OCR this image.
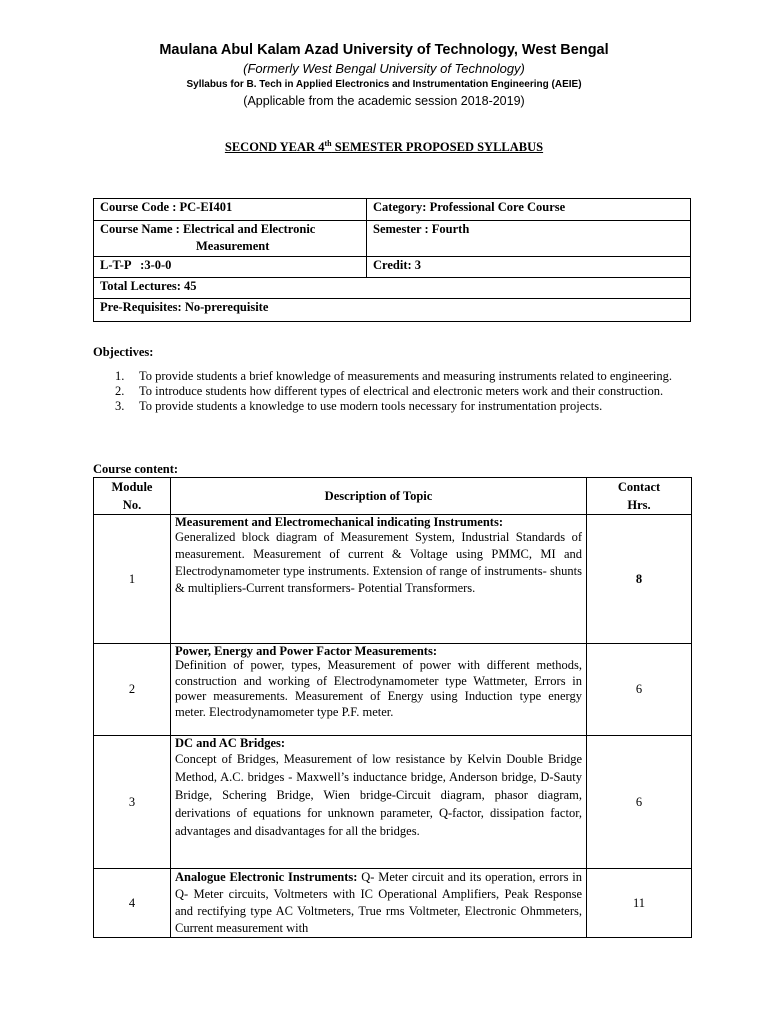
Maulana Abul Kalam Azad University of Technology, West Bengal
(Formerly West Bengal University of Technology)
Syllabus for B. Tech in Applied Electronics and Instrumentation Engineering (AEIE)
(Applicable from the academic session 2018-2019)
SECOND YEAR 4th SEMESTER PROPOSED SYLLABUS
Course Code : PC-EI401	Category: Professional Core Course
Course Name : Electrical and Electronic
Measurement	Semester : Fourth
L-T-P   :3-0-0	Credit: 3
Total Lectures: 45	
Pre-Requisites: No-prerequisite	
Objectives:
1. To provide students a brief knowledge of measurements and measuring instruments related to engineering.
2. To introduce students how different types of electrical and electronic meters work and their construction.
3. To provide students a knowledge to use modern tools necessary for instrumentation projects.
Course content:
Module
No.	Description of Topic	Contact
Hrs.
1	Measurement and Electromechanical indicating Instruments:
Generalized block diagram of Measurement System, Industrial Standards of measurement. Measurement of current & Voltage using PMMC, MI and Electrodynamometer type instruments. Extension of range of instruments- shunts & multipliers-Current transformers- Potential Transformers.	8
2	Power, Energy and Power Factor Measurements:
Definition of power, types, Measurement of power with different methods, construction and working of Electrodynamometer type Wattmeter, Errors in power measurements. Measurement of Energy using Induction type energy meter. Electrodynamometer type P.F. meter.	6
3	DC and AC Bridges:
Concept of Bridges, Measurement of low resistance by Kelvin Double Bridge Method, A.C. bridges - Maxwell’s inductance bridge, Anderson bridge, D-Sauty Bridge, Schering Bridge, Wien bridge-Circuit diagram, phasor diagram, derivations of equations for unknown parameter, Q-factor, dissipation factor, advantages and disadvantages for all the bridges.	6
4	Analogue Electronic Instruments: Q- Meter circuit and its operation, errors in Q- Meter circuits, Voltmeters with IC Operational Amplifiers, Peak Response and rectifying type AC Voltmeters, True rms Voltmeter, Electronic Ohmmeters, Current measurement with	11
